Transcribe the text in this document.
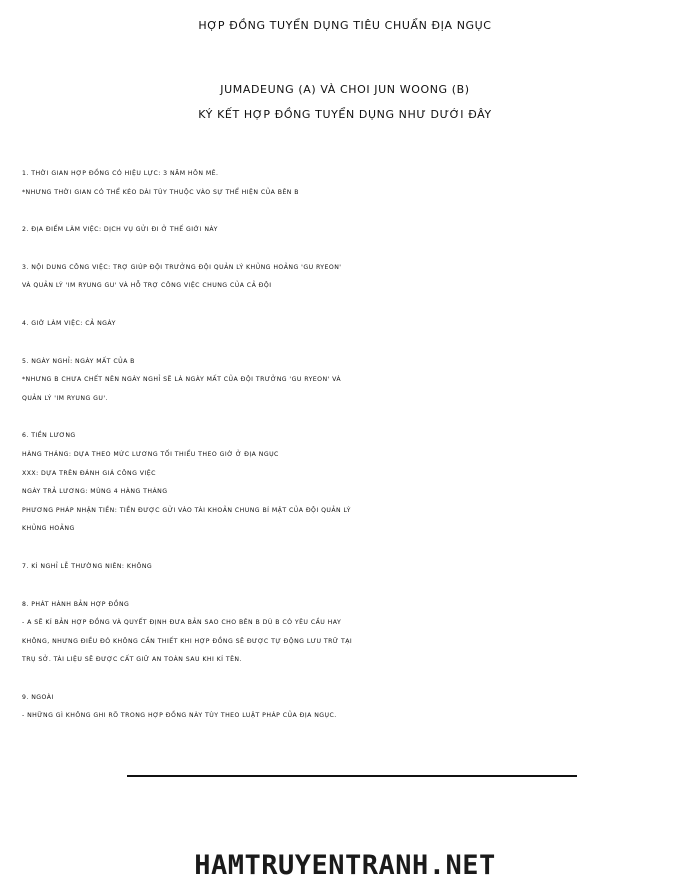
HỢP ĐỒNG TUYỂN DỤNG TIÊU CHUẨN ĐỊA NGỤC
JUMADEUNG (A) VÀ CHOI JUN WOONG (B)
KÝ KẾT HỢP ĐỒNG TUYỂN DỤNG NHƯ DƯỚI ĐÂY
1. THỜI GIAN HỢP ĐỒNG CÓ HIỆU LỰC: 3 NĂM HÔN MÊ.
*NHƯNG THỜI GIAN CÓ THỂ KÉO DÀI TÙY THUỘC VÀO SỰ THỂ HIỆN CỦA BÊN B
2. ĐỊA ĐIỂM LÀM VIỆC: DỊCH VỤ GỬI ĐI Ở THẾ GIỚI NÀY
3. NỘI DUNG CÔNG VIỆC: TRỢ GIÚP ĐỘI TRƯỞNG ĐỘI QUẢN LÝ KHỦNG HOẢNG 'GU RYEON'
VÀ QUẢN LÝ 'IM RYUNG GU' VÀ HỖ TRỢ CÔNG VIỆC CHUNG CỦA CẢ ĐỘI
4. GIỜ LÀM VIỆC: CẢ NGÀY
5. NGÀY NGHỈ: NGÀY MẤT CỦA B
*NHƯNG B CHƯA CHẾT NÊN NGÀY NGHỈ SẼ LÀ NGÀY MẤT CỦA ĐỘI TRƯỞNG 'GU RYEON' VÀ
QUẢN LÝ 'IM RYUNG GU'.
6. TIỀN LƯƠNG
HÀNG THÁNG: DỰA THEO MỨC LƯƠNG TỐI THIỂU THEO GIỜ Ở ĐỊA NGỤC
XXX: DỰA TRÊN ĐÁNH GIÁ CÔNG VIỆC
NGÀY TRẢ LƯƠNG: MÙNG 4 HÀNG THÁNG
PHƯƠNG PHÁP NHẬN TIỀN: TIỀN ĐƯỢC GỬI VÀO TÀI KHOẢN CHUNG BÍ MẬT CỦA ĐỘI QUẢN LÝ
KHỦNG HOẢNG
7. KÌ NGHỈ LỄ THƯỜNG NIÊN: KHÔNG
8. PHÁT HÀNH BẢN HỢP ĐỒNG
- A SẼ KÍ BẢN HỢP ĐỒNG VÀ QUYẾT ĐỊNH ĐƯA BẢN SAO CHO BÊN B DÙ B CÓ YÊU CẦU HAY
KHÔNG, NHƯNG ĐIỀU ĐÓ KHÔNG CẦN THIẾT KHI HỢP ĐỒNG SẼ ĐƯỢC TỰ ĐỘNG LƯU TRỮ TẠI
TRỤ SỞ. TÀI LIỆU SẼ ĐƯỢC CẤT GIỮ AN TOÀN SAU KHI KÍ TÊN.
9. NGOÀI
- NHỮNG GÌ KHÔNG GHI RÕ TRONG HỢP ĐỒNG NÀY TÙY THEO LUẬT PHÁP CỦA ĐỊA NGỤC.
HAMTRUYENTRANH.NET
